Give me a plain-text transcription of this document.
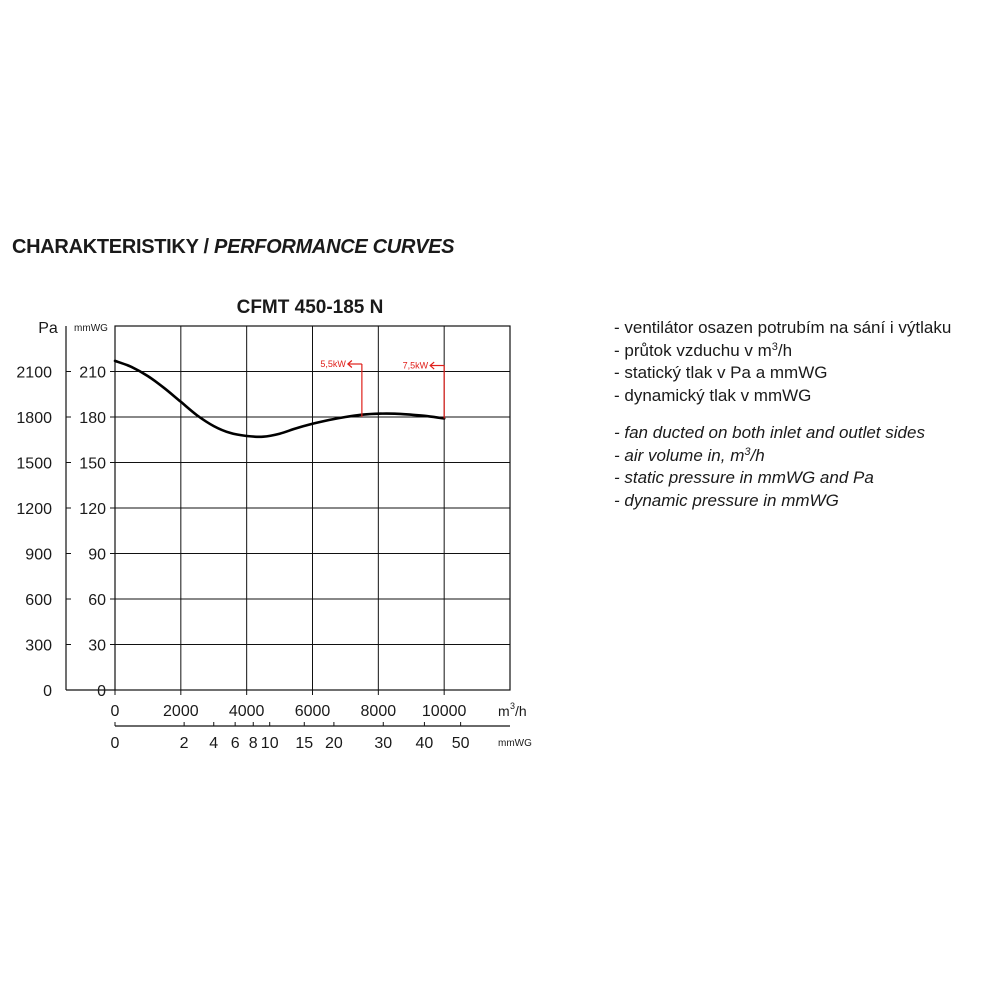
CHARAKTERISTIKY / PERFORMANCE CURVES
CFMT 450-185 N
Pa mmWG
0
300
600
900
1200
1500
1800
2100
0
30
60
90
120
150
180
210
0	2000 4000 6000 8000 10000 m 3 /h
0	2 4 6 8 10 15 20 30 40 50	mmWG
5,5kW	7,5kW
- ventilátor osazen potrubím na sání i výtlaku
- průtok vzduchu v $m^3/h$
- statický tlak v Pa a mmWG
- dynamický tlak v mmWG
- fan ducted on both inlet and outlet sides
- air volume in, $m^3/h$
- static pressure in mmWG and Pa
- dynamic pressure in mmWG
